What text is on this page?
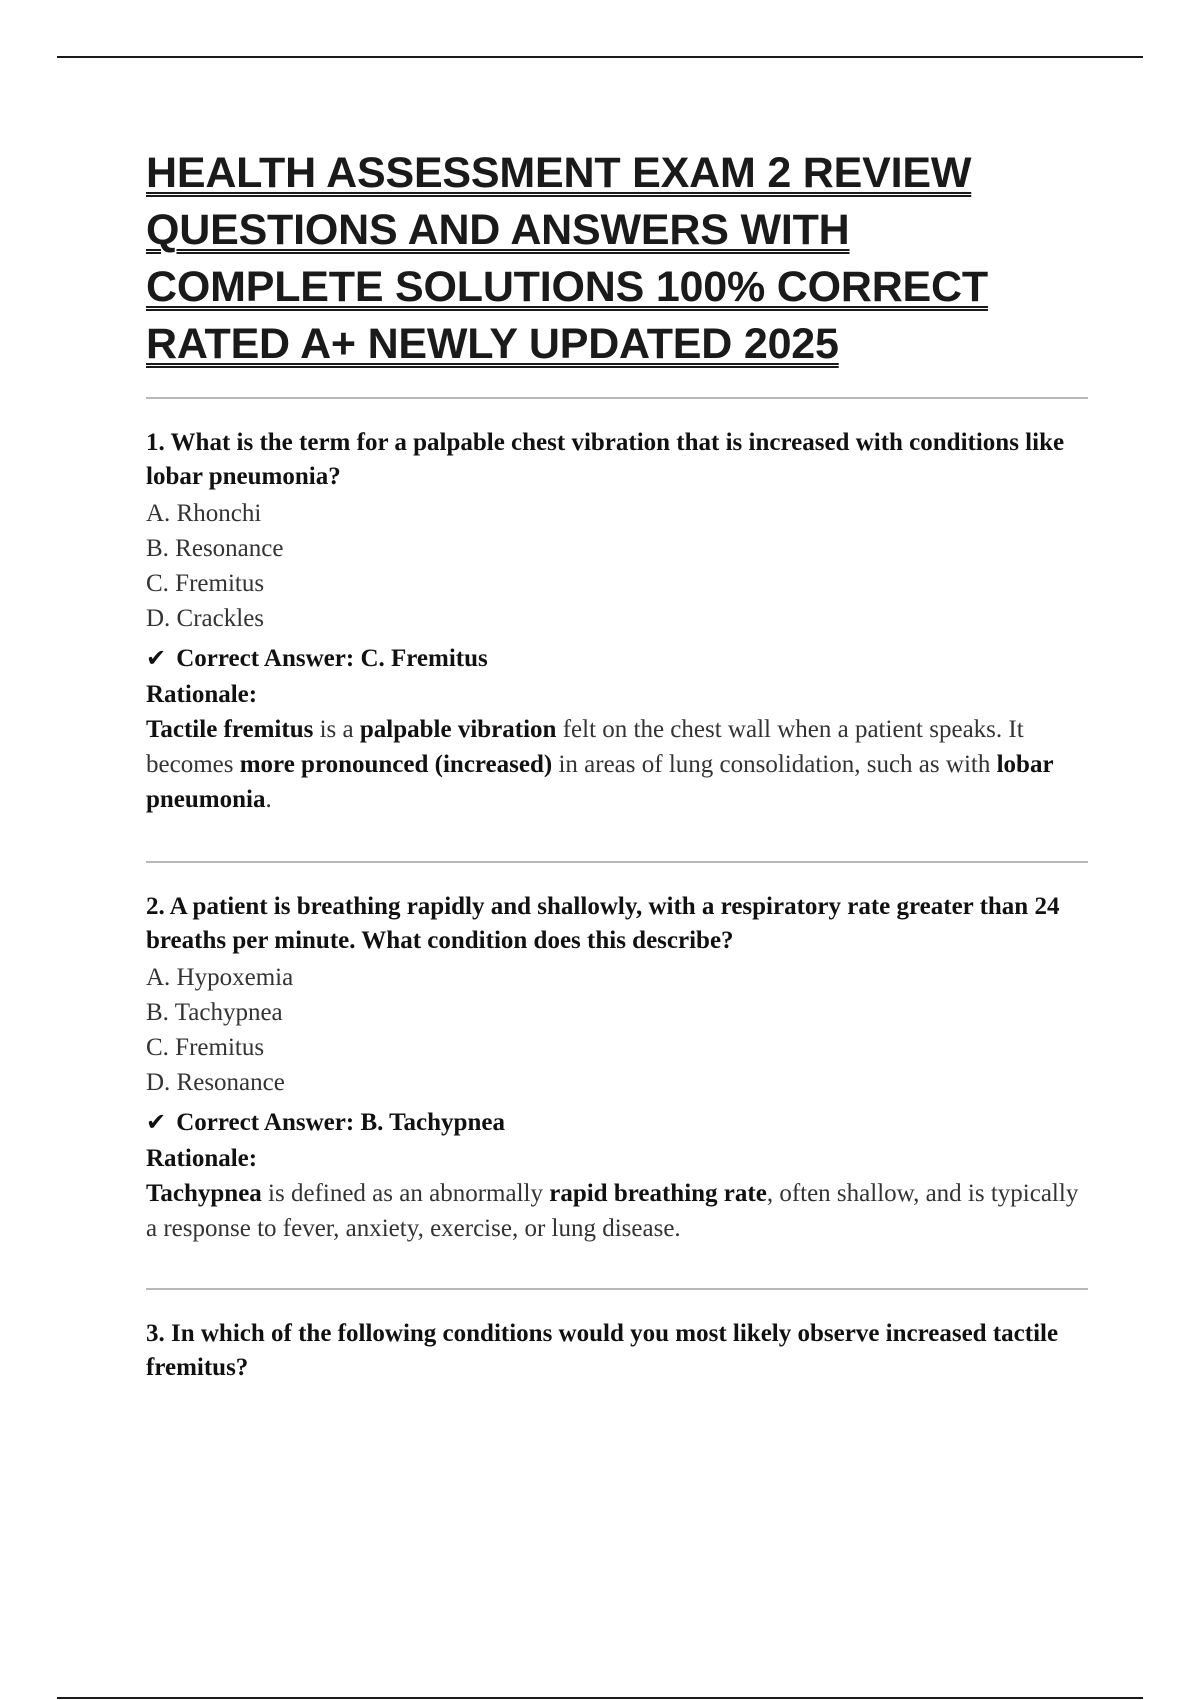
HEALTH ASSESSMENT EXAM 2 REVIEW QUESTIONS AND ANSWERS WITH COMPLETE SOLUTIONS 100% CORRECT RATED A+ NEWLY UPDATED 2025

1. What is the term for a palpable chest vibration that is increased with conditions like lobar pneumonia?

A. Rhonchi
B. Resonance
C. Fremitus
D. Crackles
✔ Correct Answer: C. Fremitus
Rationale:

Tactile fremitus is a palpable vibration felt on the chest wall when a patient speaks. It becomes more pronounced (increased) in areas of lung consolidation, such as with lobar pneumonia.

2. A patient is breathing rapidly and shallowly, with a respiratory rate greater than 24 breaths per minute. What condition does this describe?

A. Hypoxemia
B. Tachypnea
C. Fremitus
D. Resonance
✔ Correct Answer: B. Tachypnea
Rationale:

Tachypnea is defined as an abnormally rapid breathing rate, often shallow, and is typically a response to fever, anxiety, exercise, or lung disease.

3. In which of the following conditions would you most likely observe increased tactile fremitus?
